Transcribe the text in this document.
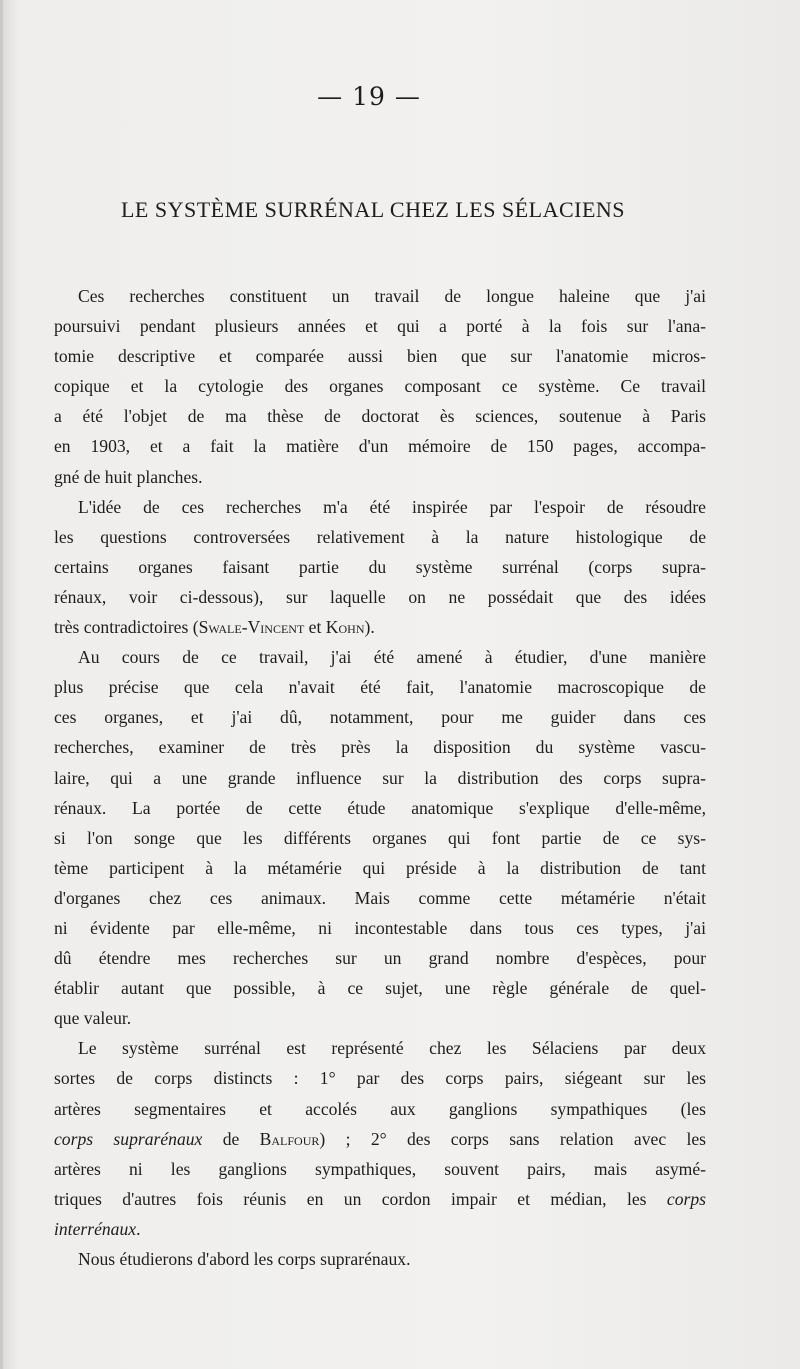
— 19 —
LE SYSTÈME SURRÉNAL CHEZ LES SÉLACIENS
Ces recherches constituent un travail de longue haleine que j'ai
poursuivi pendant plusieurs années et qui a porté à la fois sur l'ana-
tomie descriptive et comparée aussi bien que sur l'anatomie micros-
copique et la cytologie des organes composant ce système. Ce travail
a été l'objet de ma thèse de doctorat ès sciences, soutenue à Paris
en 1903, et a fait la matière d'un mémoire de 150 pages, accompa-
gné de huit planches.
L'idée de ces recherches m'a été inspirée par l'espoir de résoudre
les questions controversées relativement à la nature histologique de
certains organes faisant partie du système surrénal (corps supra-
rénaux, voir ci-dessous), sur laquelle on ne possédait que des idées
très contradictoires (Swale-Vincent et Kohn).
Au cours de ce travail, j'ai été amené à étudier, d'une manière
plus précise que cela n'avait été fait, l'anatomie macroscopique de
ces organes, et j'ai dû, notamment, pour me guider dans ces
recherches, examiner de très près la disposition du système vascu-
laire, qui a une grande influence sur la distribution des corps supra-
rénaux. La portée de cette étude anatomique s'explique d'elle-même,
si l'on songe que les différents organes qui font partie de ce sys-
tème participent à la métamérie qui préside à la distribution de tant
d'organes chez ces animaux. Mais comme cette métamérie n'était
ni évidente par elle-même, ni incontestable dans tous ces types, j'ai
dû étendre mes recherches sur un grand nombre d'espèces, pour
établir autant que possible, à ce sujet, une règle générale de quel-
que valeur.
Le système surrénal est représenté chez les Sélaciens par deux
sortes de corps distincts : 1° par des corps pairs, siégeant sur les
artères segmentaires et accolés aux ganglions sympathiques (les
corps suprarénaux de Balfour) ; 2° des corps sans relation avec les
artères ni les ganglions sympathiques, souvent pairs, mais asymé-
triques d'autres fois réunis en un cordon impair et médian, les corps
interrénaux.
Nous étudierons d'abord les corps suprarénaux.
